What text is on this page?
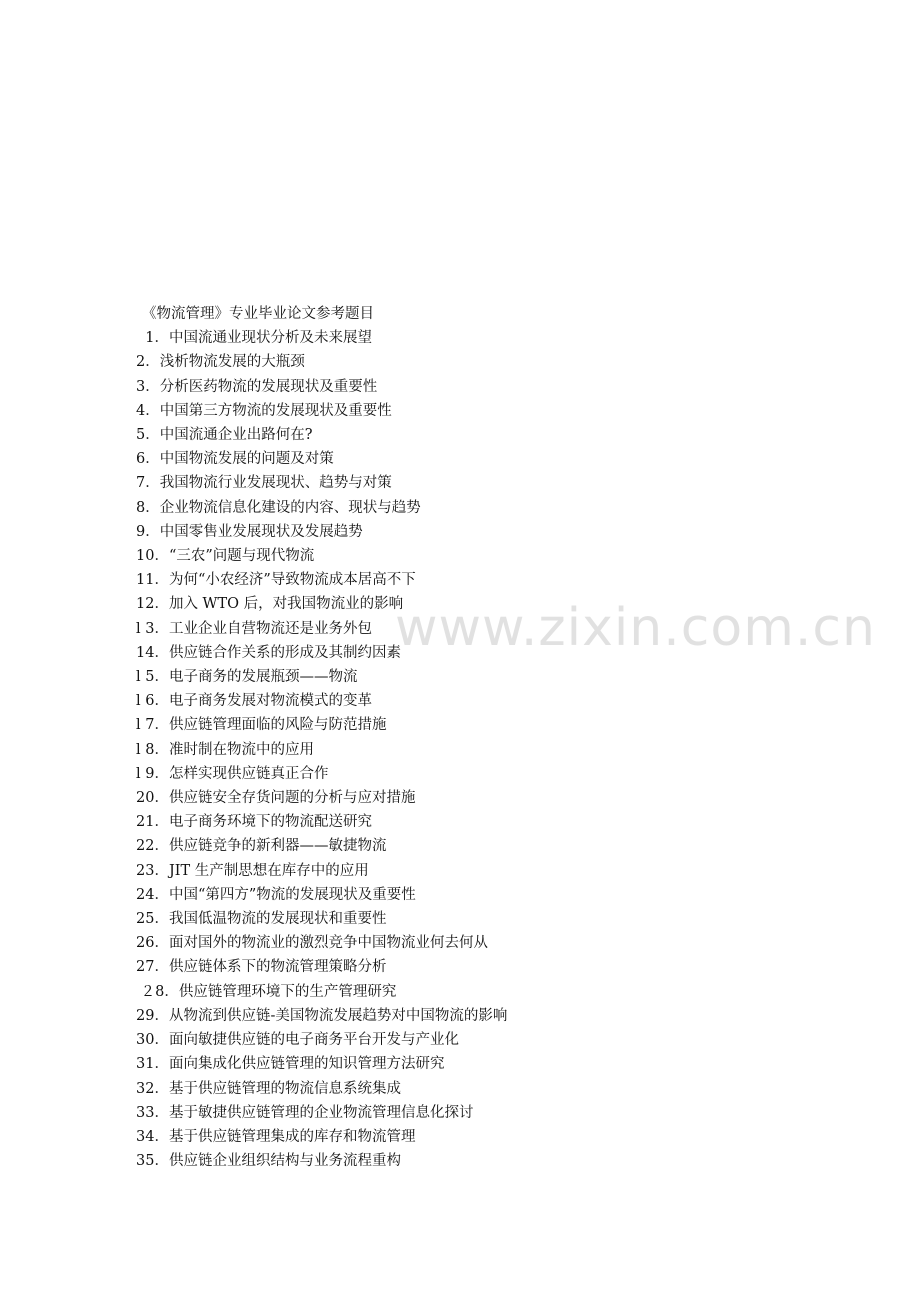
www.zixin.com.cn
《物流管理》专业毕业论文参考题目
1．中国流通业现状分析及未来展望
2．浅析物流发展的大瓶颈
3．分析医药物流的发展现状及重要性
4．中国第三方物流的发展现状及重要性
5．中国流通企业出路何在?
6．中国物流发展的问题及对策
7．我国物流行业发展现状、趋势与对策
8．企业物流信息化建设的内容、现状与趋势
9．中国零售业发展现状及发展趋势
10．“三农”问题与现代物流
11．为何“小农经济”导致物流成本居高不下
12．加入 WTO 后，对我国物流业的影响
l 3．工业企业自营物流还是业务外包
14．供应链合作关系的形成及其制约因素
l 5．电子商务的发展瓶颈——物流
l 6．电子商务发展对物流模式的变革
l 7．供应链管理面临的风险与防范措施
l 8．准时制在物流中的应用
l 9．怎样实现供应链真正合作
20．供应链安全存货问题的分析与应对措施
21．电子商务环境下的物流配送研究
22．供应链竞争的新利器——敏捷物流
23．JIT 生产制思想在库存中的应用
24．中国“第四方”物流的发展现状及重要性
25．我国低温物流的发展现状和重要性
26．面对国外的物流业的激烈竞争中国物流业何去何从
27．供应链体系下的物流管理策略分析
２8．供应链管理环境下的生产管理研究
29．从物流到供应链-美国物流发展趋势对中国物流的影响
30．面向敏捷供应链的电子商务平台开发与产业化
31．面向集成化供应链管理的知识管理方法研究
32．基于供应链管理的物流信息系统集成
33．基于敏捷供应链管理的企业物流管理信息化探讨
34．基于供应链管理集成的库存和物流管理
35．供应链企业组织结构与业务流程重构
